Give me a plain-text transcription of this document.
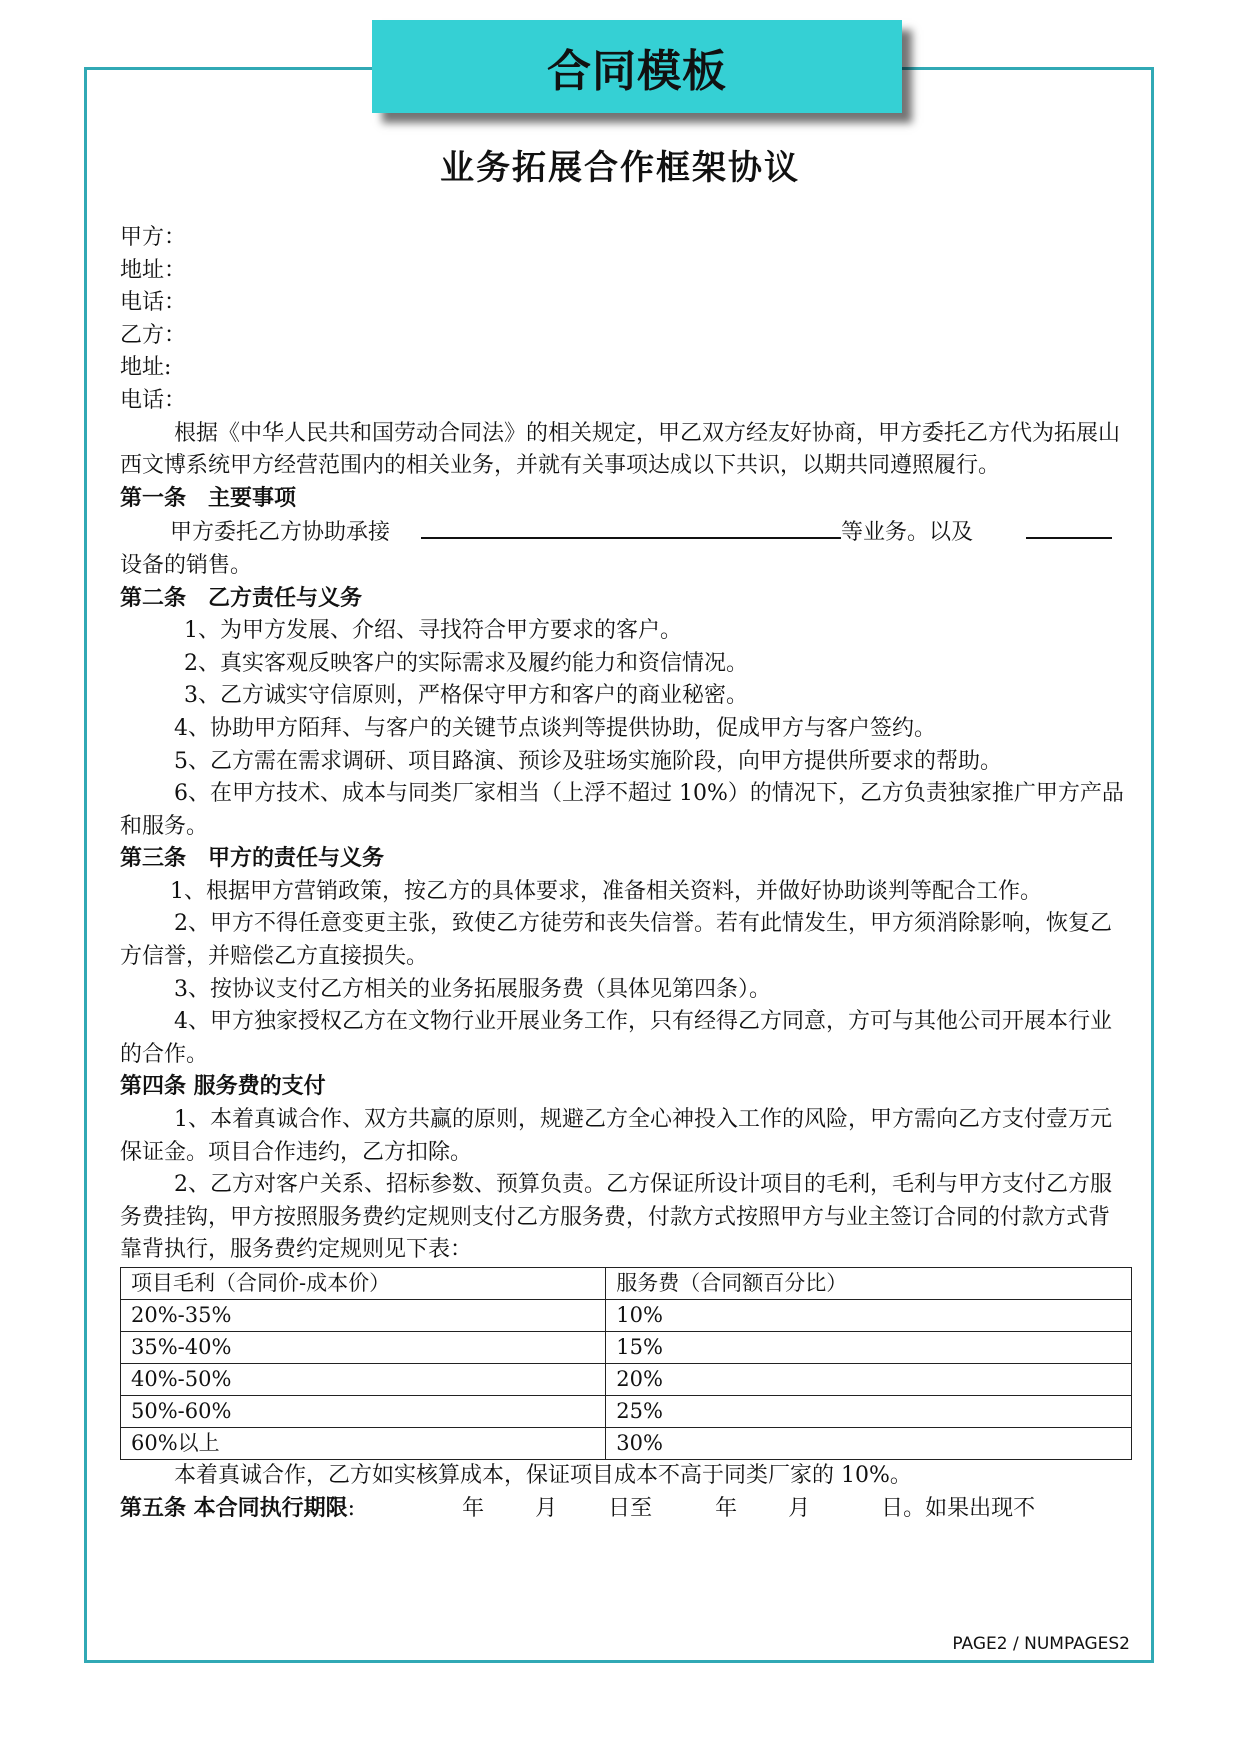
合同模板
业务拓展合作框架协议

甲方：

地址：

电话：

乙方：

地址:

电话：

根据《中华人民共和国劳动合同法》的相关规定，甲乙双方经友好协商，甲方委托乙方代为拓展山西文博系统甲方经营范围内的相关业务，并就有关事项达成以下共识，以期共同遵照履行。

第一条　主要事项

甲方委托乙方协助承接	等业务。以及

设备的销售。

第二条　乙方责任与义务

1、为甲方发展、介绍、寻找符合甲方要求的客户。

2、真实客观反映客户的实际需求及履约能力和资信情况。

3、乙方诚实守信原则，严格保守甲方和客户的商业秘密。

4、协助甲方陌拜、与客户的关键节点谈判等提供协助，促成甲方与客户签约。

5、乙方需在需求调研、项目路演、预诊及驻场实施阶段，向甲方提供所要求的帮助。

6、在甲方技术、成本与同类厂家相当（上浮不超过 10%）的情况下，乙方负责独家推广甲方产品和服务。

第三条　甲方的责任与义务

1、根据甲方营销政策，按乙方的具体要求，准备相关资料，并做好协助谈判等配合工作。

2、甲方不得任意变更主张，致使乙方徒劳和丧失信誉。若有此情发生，甲方须消除影响，恢复乙方信誉，并赔偿乙方直接损失。

3、按协议支付乙方相关的业务拓展服务费（具体见第四条）。

4、甲方独家授权乙方在文物行业开展业务工作，只有经得乙方同意，方可与其他公司开展本行业的合作。

第四条 服务费的支付

1、本着真诚合作、双方共赢的原则，规避乙方全心神投入工作的风险，甲方需向乙方支付壹万元保证金。项目合作违约，乙方扣除。

2、乙方对客户关系、招标参数、预算负责。乙方保证所设计项目的毛利，毛利与甲方支付乙方服务费挂钩，甲方按照服务费约定规则支付乙方服务费，付款方式按照甲方与业主签订合同的付款方式背靠背执行，服务费约定规则见下表：

项目毛利（合同价-成本价）	服务费（合同额百分比）
20%-35%	10%
35%-40%	15%
40%-50%	20%
50%-60%	25%
60%以上	30%

本着真诚合作，乙方如实核算成本，保证项目成本不高于同类厂家的 10%。

第五条 本合同执行期限:	年 月 日至	年 月	日。如果出现不

PAGE2 / NUMPAGES2
